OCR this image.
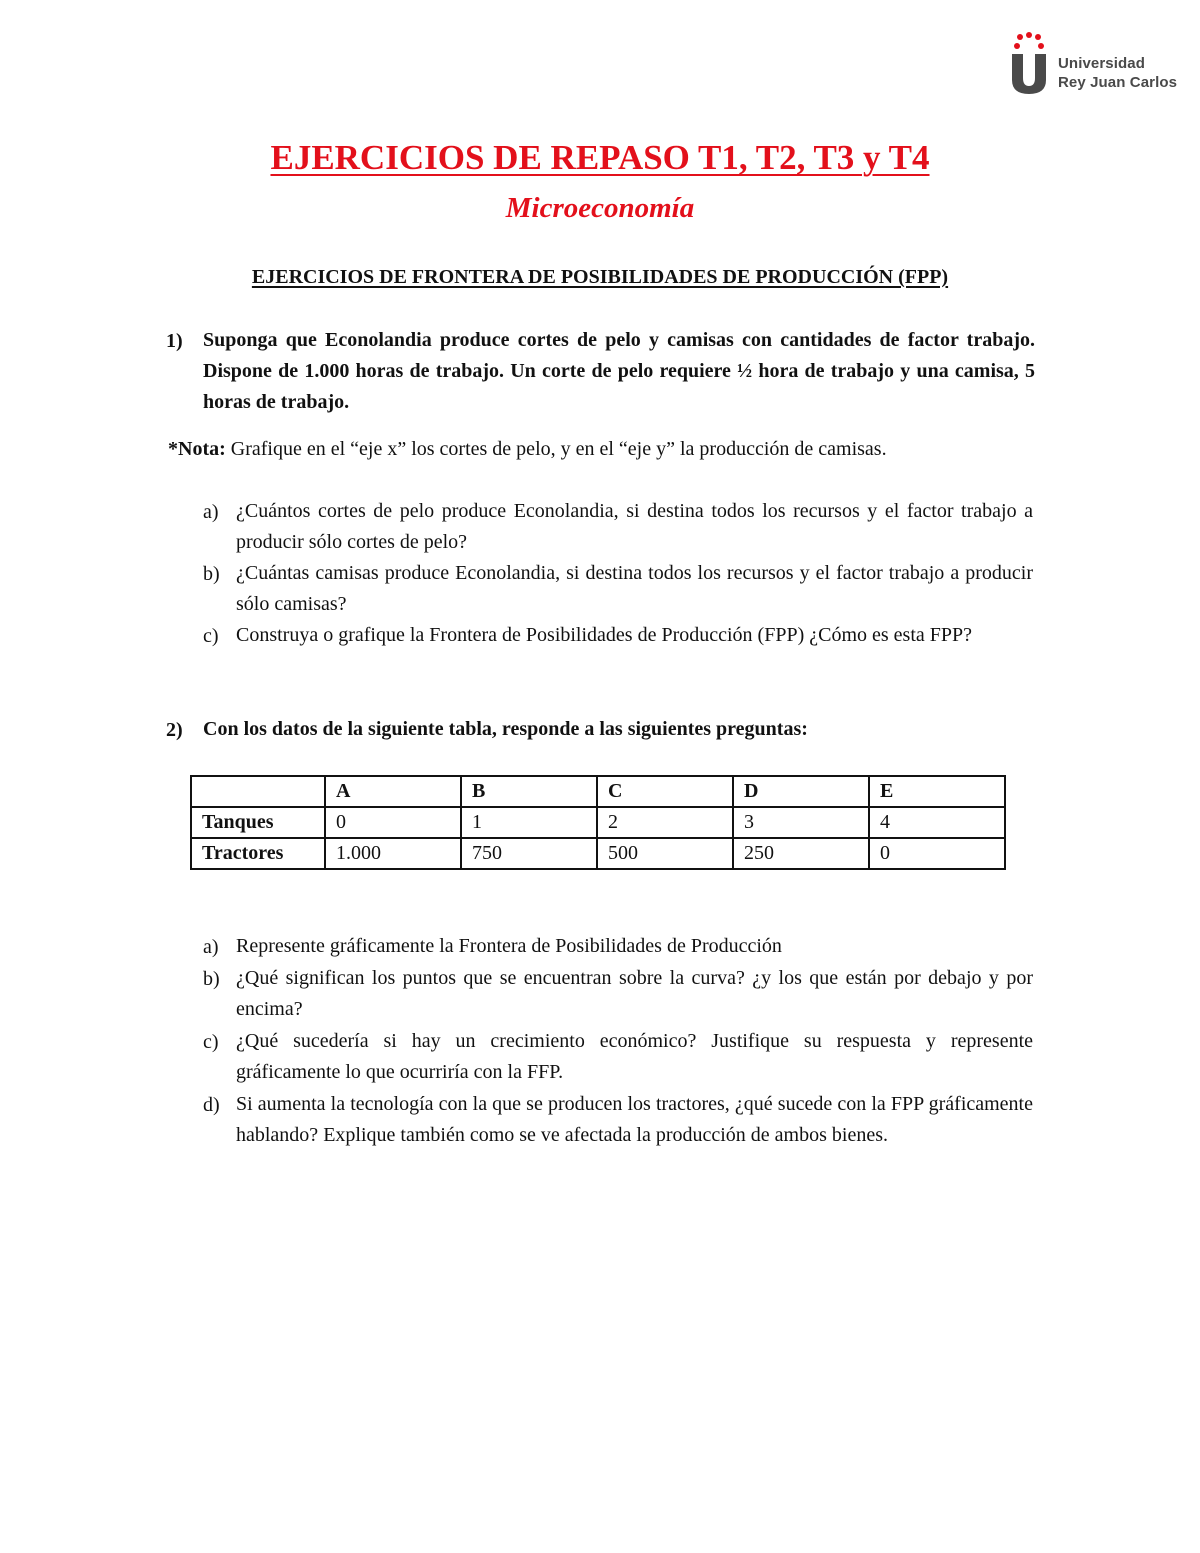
Universidad
Rey Juan Carlos
EJERCICIOS DE REPASO T1, T2, T3 y T4
Microeconomía
EJERCICIOS DE FRONTERA DE POSIBILIDADES DE PRODUCCIÓN (FPP)
1) Suponga que Econolandia produce cortes de pelo y camisas con cantidades de factor trabajo. Dispone de 1.000 horas de trabajo. Un corte de pelo requiere ½ hora de trabajo y una camisa, 5 horas de trabajo.
*Nota: Grafique en el “eje x” los cortes de pelo, y en el “eje y” la producción de camisas.
a) ¿Cuántos cortes de pelo produce Econolandia, si destina todos los recursos y el factor trabajo a producir sólo cortes de pelo?
b) ¿Cuántas camisas produce Econolandia, si destina todos los recursos y el factor trabajo a producir sólo camisas?
c) Construya o grafique la Frontera de Posibilidades de Producción (FPP) ¿Cómo es esta FPP?
2) Con los datos de la siguiente tabla, responde a las siguientes preguntas:
	A	B	C	D	E
Tanques	0	1	2	3	4
Tractores	1.000	750	500	250	0
a) Represente gráficamente la Frontera de Posibilidades de Producción
b) ¿Qué significan los puntos que se encuentran sobre la curva? ¿y los que están por debajo y por encima?
c) ¿Qué sucedería si hay un crecimiento económico? Justifique su respuesta y represente gráficamente lo que ocurriría con la FFP.
d) Si aumenta la tecnología con la que se producen los tractores, ¿qué sucede con la FPP gráficamente hablando? Explique también como se ve afectada la producción de ambos bienes.
